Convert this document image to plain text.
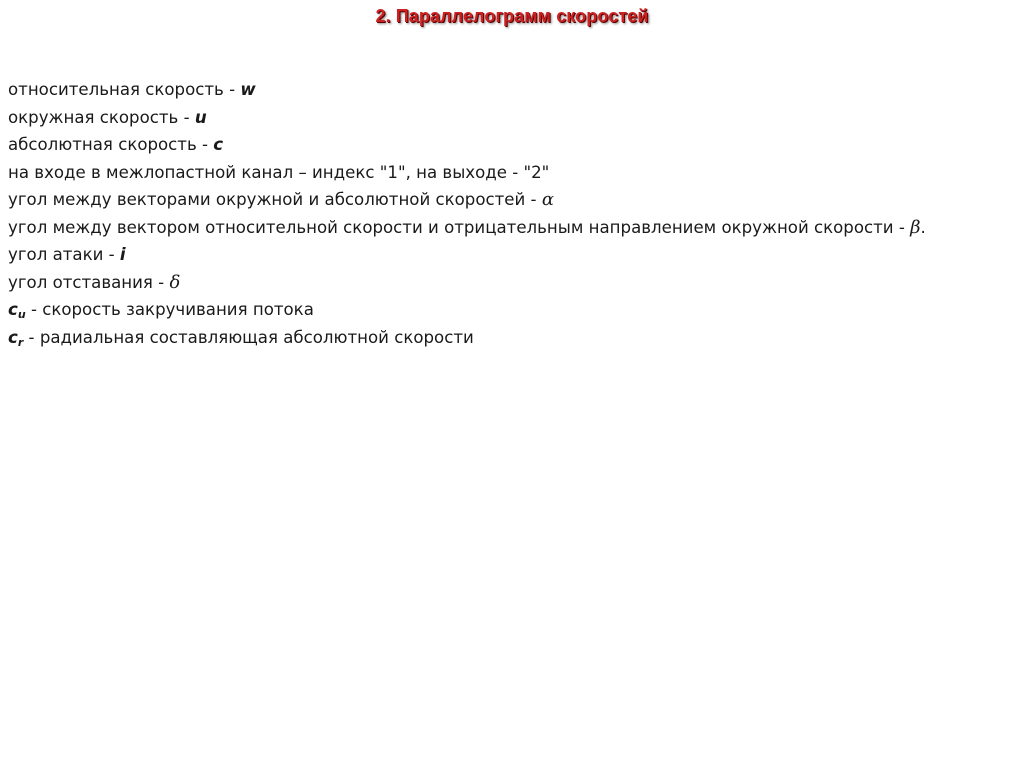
2. Параллелограмм скоростей
относительная скорость - w
окружная скорость - u
абсолютная скорость - c
на входе в межлопастной канал – индекс "1", на выходе - "2"
угол между векторами окружной и абсолютной скоростей - α
угол между вектором относительной скорости и отрицательным направлением окружной скорости - β.
угол атаки - i
угол отставания - δ
$c_u$ - скорость закручивания потока
$c_r$ - радиальная составляющая абсолютной скорости
